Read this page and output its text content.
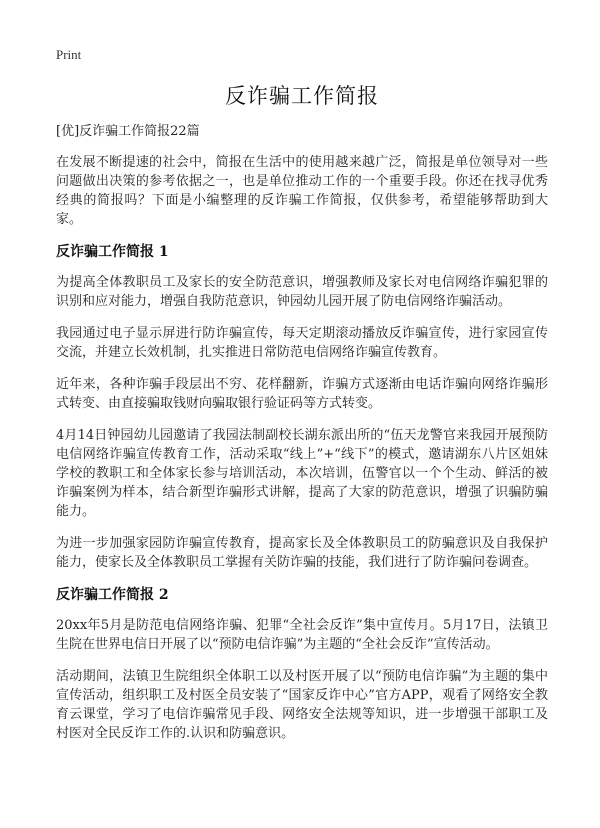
Print
反诈骗工作简报

[优]反诈骗工作简报22篇

在发展不断提速的社会中，简报在生活中的使用越来越广泛，简报是单位领导对一些问题做出决策的参考依据之一，也是单位推动工作的一个重要手段。你还在找寻优秀经典的简报吗？下面是小编整理的反诈骗工作简报，仅供参考，希望能够帮助到大家。

反诈骗工作简报 1

为提高全体教职员工及家长的安全防范意识，增强教师及家长对电信网络诈骗犯罪的识别和应对能力，增强自我防范意识，钟园幼儿园开展了防电信网络诈骗活动。

我园通过电子显示屏进行防诈骗宣传，每天定期滚动播放反诈骗宣传，进行家园宣传交流，并建立长效机制，扎实推进日常防范电信网络诈骗宣传教育。

近年来，各种诈骗手段层出不穷、花样翻新，诈骗方式逐渐由电话诈骗向网络诈骗形式转变、由直接骗取钱财向骗取银行验证码等方式转变。

4月14日钟园幼儿园邀请了我园法制副校长湖东派出所的“伍天龙警官来我园开展预防电信网络诈骗宣传教育工作，活动采取“线上”+“线下”的模式，邀请湖东八片区姐妹学校的教职工和全体家长参与培训活动，本次培训，伍警官以一个个生动、鲜活的被诈骗案例为样本，结合新型诈骗形式讲解，提高了大家的防范意识，增强了识骗防骗能力。

为进一步加强家园防诈骗宣传教育，提高家长及全体教职员工的防骗意识及自我保护能力，使家长及全体教职员工掌握有关防诈骗的技能，我们进行了防诈骗问卷调查。

反诈骗工作简报 2

20xx年5月是防范电信网络诈骗、犯罪“全社会反诈”集中宣传月。5月17日，法镇卫生院在世界电信日开展了以“预防电信诈骗”为主题的“全社会反诈”宣传活动。

活动期间，法镇卫生院组织全体职工以及村医开展了以“预防电信诈骗”为主题的集中宣传活动，组织职工及村医全员安装了“国家反诈中心”官方APP，观看了网络安全教育云课堂，学习了电信诈骗常见手段、网络安全法规等知识，进一步增强干部职工及村医对全民反诈工作的.认识和防骗意识。
